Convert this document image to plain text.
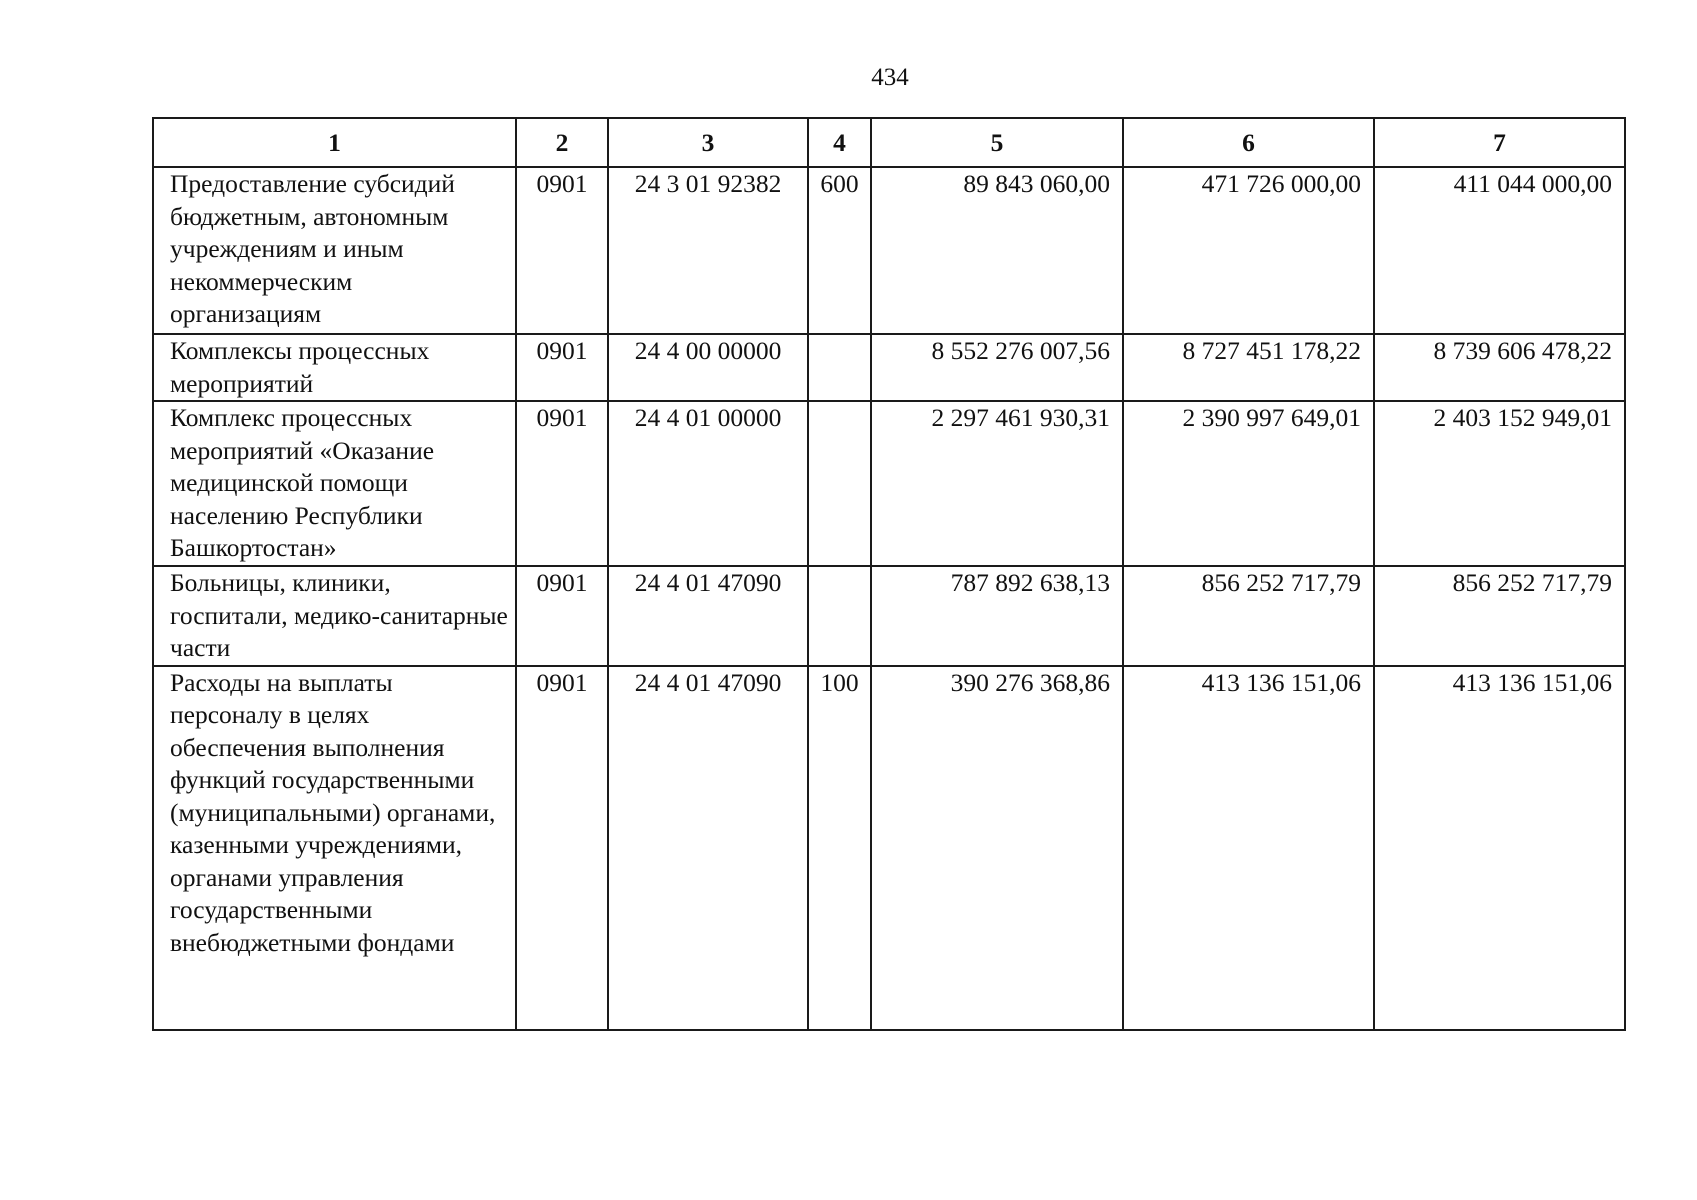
434
1	2	3	4	5	6	7
Предоставление субсидий бюджетным, автономным учреждениям и иным некоммерческим организациям	0901	24 3 01 92382	600	89 843 060,00	471 726 000,00	411 044 000,00
Комплексы процессных мероприятий	0901	24 4 00 00000		8 552 276 007,56	8 727 451 178,22	8 739 606 478,22
Комплекс процессных мероприятий «Оказание медицинской помощи населению Республики Башкортостан»	0901	24 4 01 00000		2 297 461 930,31	2 390 997 649,01	2 403 152 949,01
Больницы, клиники, госпитали, медико-санитарные части	0901	24 4 01 47090		787 892 638,13	856 252 717,79	856 252 717,79
Расходы на выплаты персоналу в целях обеспечения выполнения функций государственными (муниципальными) органами, казенными учреждениями, органами управления государственными внебюджетными фондами	0901	24 4 01 47090	100	390 276 368,86	413 136 151,06	413 136 151,06
